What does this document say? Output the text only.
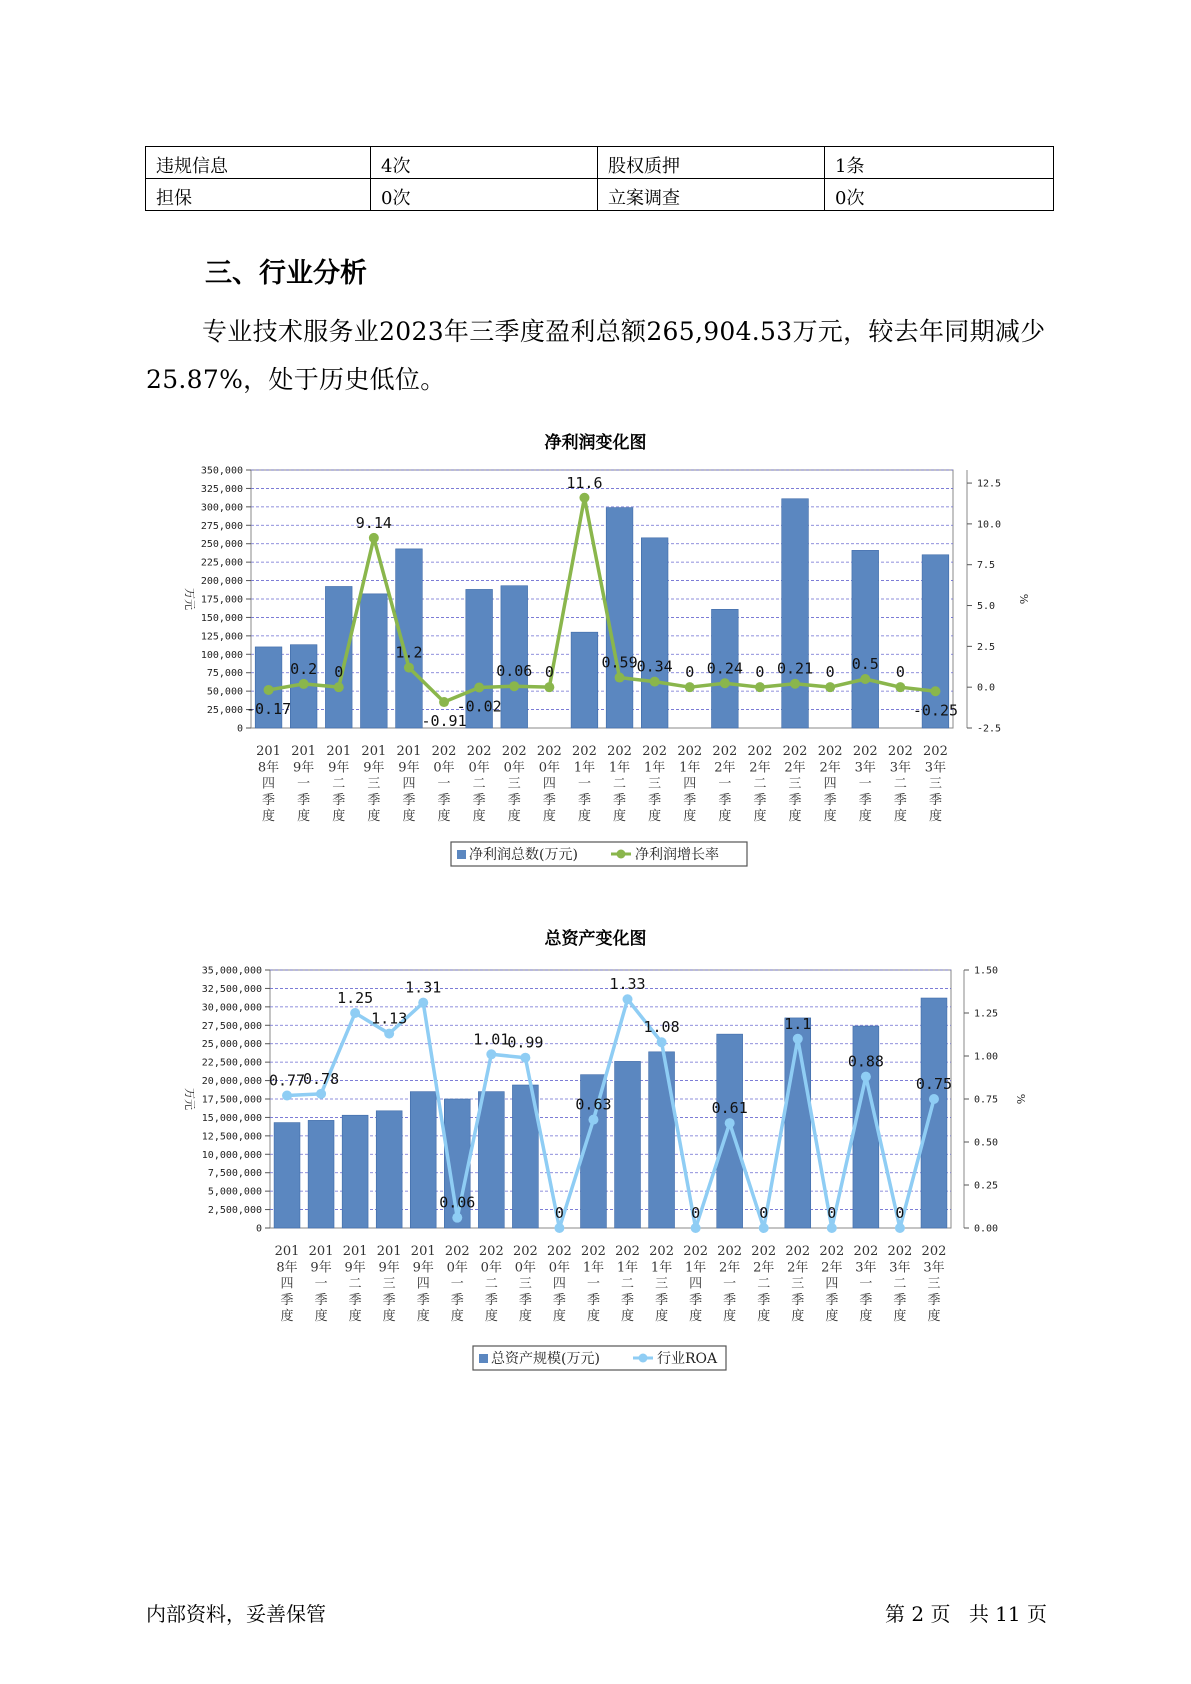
违规信息	4次	股权质押	1条
担保	0次	立案调查	0次
三、行业分析

专业技术服务业2023年三季度盈利总额265,904.53万元，较去年同期减少25.87%，处于历史低位。

净利润变化图
0
25,000
50,000
75,000
100,000
125,000
150,000
175,000
200,000
225,000
250,000
275,000
300,000
325,000
350,000
-2.5
0.0
2.5
5.0
7.5
10.0
12.5
万元	%
-0.17
0.2 0
9.14
1.2
-0.91
-0.02
0.06 0
11.6
0.59
0.34 0 0.24 0 0.21 0 0.5 0
-0.25
201
8年
四
季
度
201
9年
一
季
度
201
9年
二
季
度
201
9年
三
季
度
201
9年
四
季
度
202
0年
一
季
度
202
0年
二
季
度
202
0年
三
季
度
202
0年
四
季
度
202
1年
一
季
度
202
1年
二
季
度
202
1年
三
季
度
202
1年
四
季
度
202
2年
一
季
度
202
2年
二
季
度
202
2年
三
季
度
202
2年
四
季
度
202
3年
一
季
度
202
3年
二
季
度
202
3年
三
季
度
净利润总数(万元)	净利润增长率
总资产变化图
0
2,500,000
5,000,000
7,500,000
10,000,000
12,500,000
15,000,000
17,500,000
20,000,000
22,500,000
25,000,000
27,500,000
30,000,000
32,500,000
35,000,000
0.00
0.25
0.50
0.75
1.00
1.25
1.50
万元	%
0.77
0.78
1.25
1.13
1.31
0.06
1.01
0.99
0
0.63
1.33
1.08
0
0.61
0
1.1
0
0.88
0
0.75
201
8年
四
季
度
201
9年
一
季
度
201
9年
二
季
度
201
9年
三
季
度
201
9年
四
季
度
202
0年
一
季
度
202
0年
二
季
度
202
0年
三
季
度
202
0年
四
季
度
202
1年
一
季
度
202
1年
二
季
度
202
1年
三
季
度
202
1年
四
季
度
202
2年
一
季
度
202
2年
二
季
度
202
2年
三
季
度
202
2年
四
季
度
202
3年
一
季
度
202
3年
二
季
度
202
3年
三
季
度
总资产规模(万元)	行业ROA
内部资料，妥善保管	第 2 页 共 11 页
